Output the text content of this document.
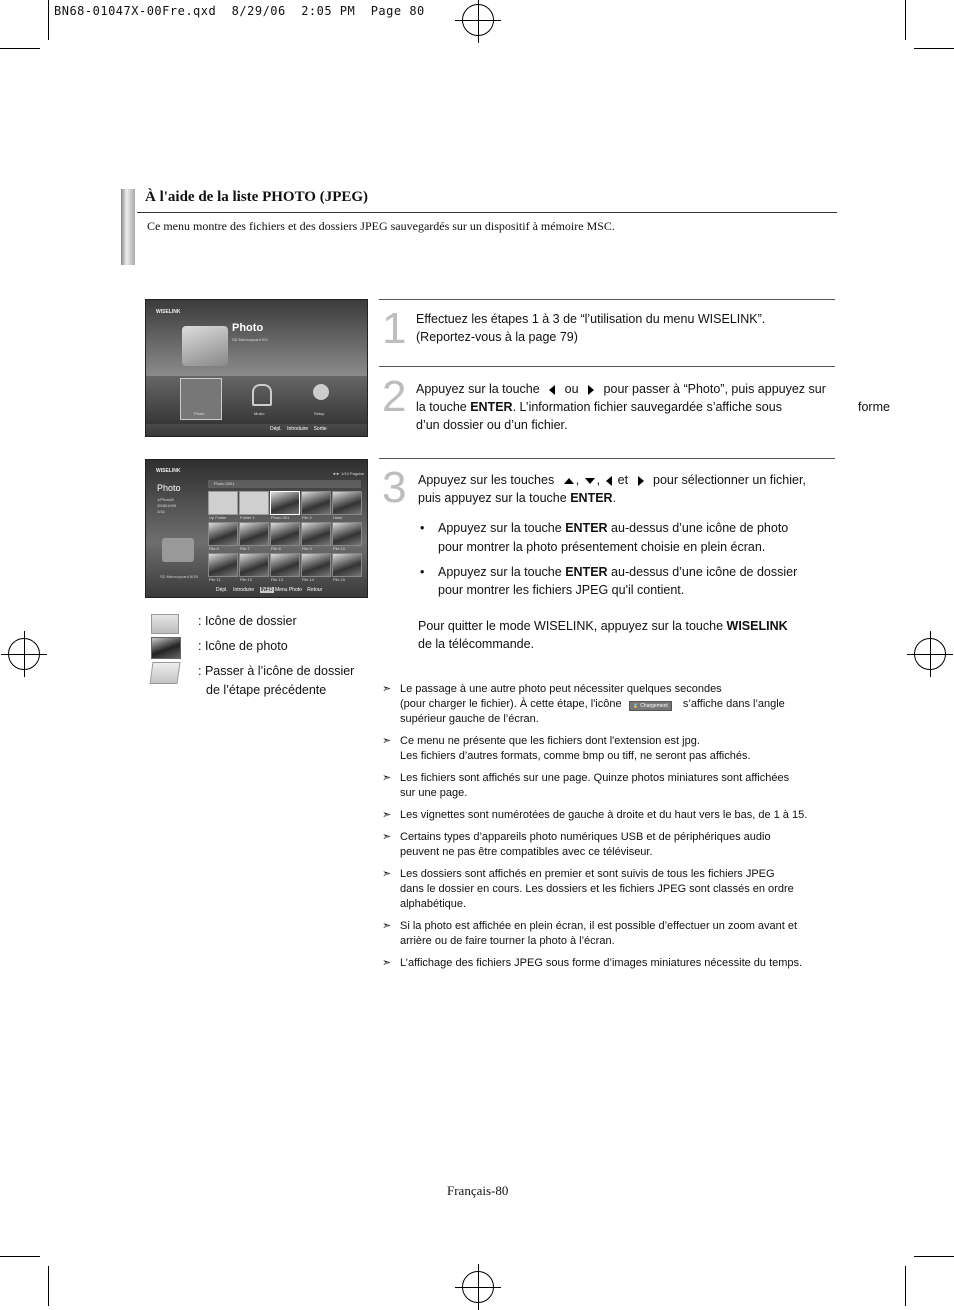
BN68-01047X-00Fre.qxd  8/29/06  2:05 PM  Page 80
À l'aide de la liste PHOTO (JPEG)
Ce menu montre des fichiers et des dossiers JPEG sauvegardés sur un dispositif à mémoire MSC.
WISELINK
Photo
SD Memorycard 0/0
Photo	Music	Setup
Dépl. Introduire Sortie
WISELINK	◄► 1/10 Pagsive
Photo
1/Photo2/
2006/1/9/5
1/16
SD Memorycard 8GB
Photo 0001
Up Folder	Folder 1	Photo 001	File 2	Hotel
File 6	File 7	File 8	File 9	File 10
File 11	File 12	File 13	File 14	File 15
Dépl. Introduire INFO Menu Photo Retour
: Icône de dossier
: Icône de photo
: Passer à l’icône de dossier
de l’étape précédente
1 Effectuez les étapes 1 à 3 de “l’utilisation du menu WISELINK”.
(Reportez-vous à la page 79)
2 Appuyez sur la touche ou pour passer à “Photo”, puis appuyez sur
la touche ENTER. L’information fichier sauvegardée s’affiche sous	forme
d’un dossier ou d’un fichier.
3 Appuyez sur les touches , , et pour sélectionner un fichier,
puis appuyez sur la touche ENTER.
• Appuyez sur la touche ENTER au-dessus d’une icône de photo
pour montrer la photo présentement choisie en plein écran.
• Appuyez sur la touche ENTER au-dessus d’une icône de dossier
pour montrer les fichiers JPEG qu'il contient.
Pour quitter le mode WISELINK, appuyez sur la touche WISELINK
de la télécommande.
➣ Le passage à une autre photo peut nécessiter quelques secondes
(pour charger le fichier). À cette étape, l'icône ⌛ Chargement s’affiche dans l’angle
supérieur gauche de l’écran.
➣ Ce menu ne présente que les fichiers dont l'extension est jpg.
Les fichiers d’autres formats, comme bmp ou tiff, ne seront pas affichés.
➣ Les fichiers sont affichés sur une page. Quinze photos miniatures sont affichées
sur une page.
➣ Les vignettes sont numérotées de gauche à droite et du haut vers le bas, de 1 à 15.
➣ Certains types d’appareils photo numériques USB et de périphériques audio
peuvent ne pas être compatibles avec ce téléviseur.
➣ Les dossiers sont affichés en premier et sont suivis de tous les fichiers JPEG
dans le dossier en cours. Les dossiers et les fichiers JPEG sont classés en ordre
alphabétique.
➣ Si la photo est affichée en plein écran, il est possible d’effectuer un zoom avant et
arrière ou de faire tourner la photo à l’écran.
➣ L’affichage des fichiers JPEG sous forme d’images miniatures nécessite du temps.
Français-80
